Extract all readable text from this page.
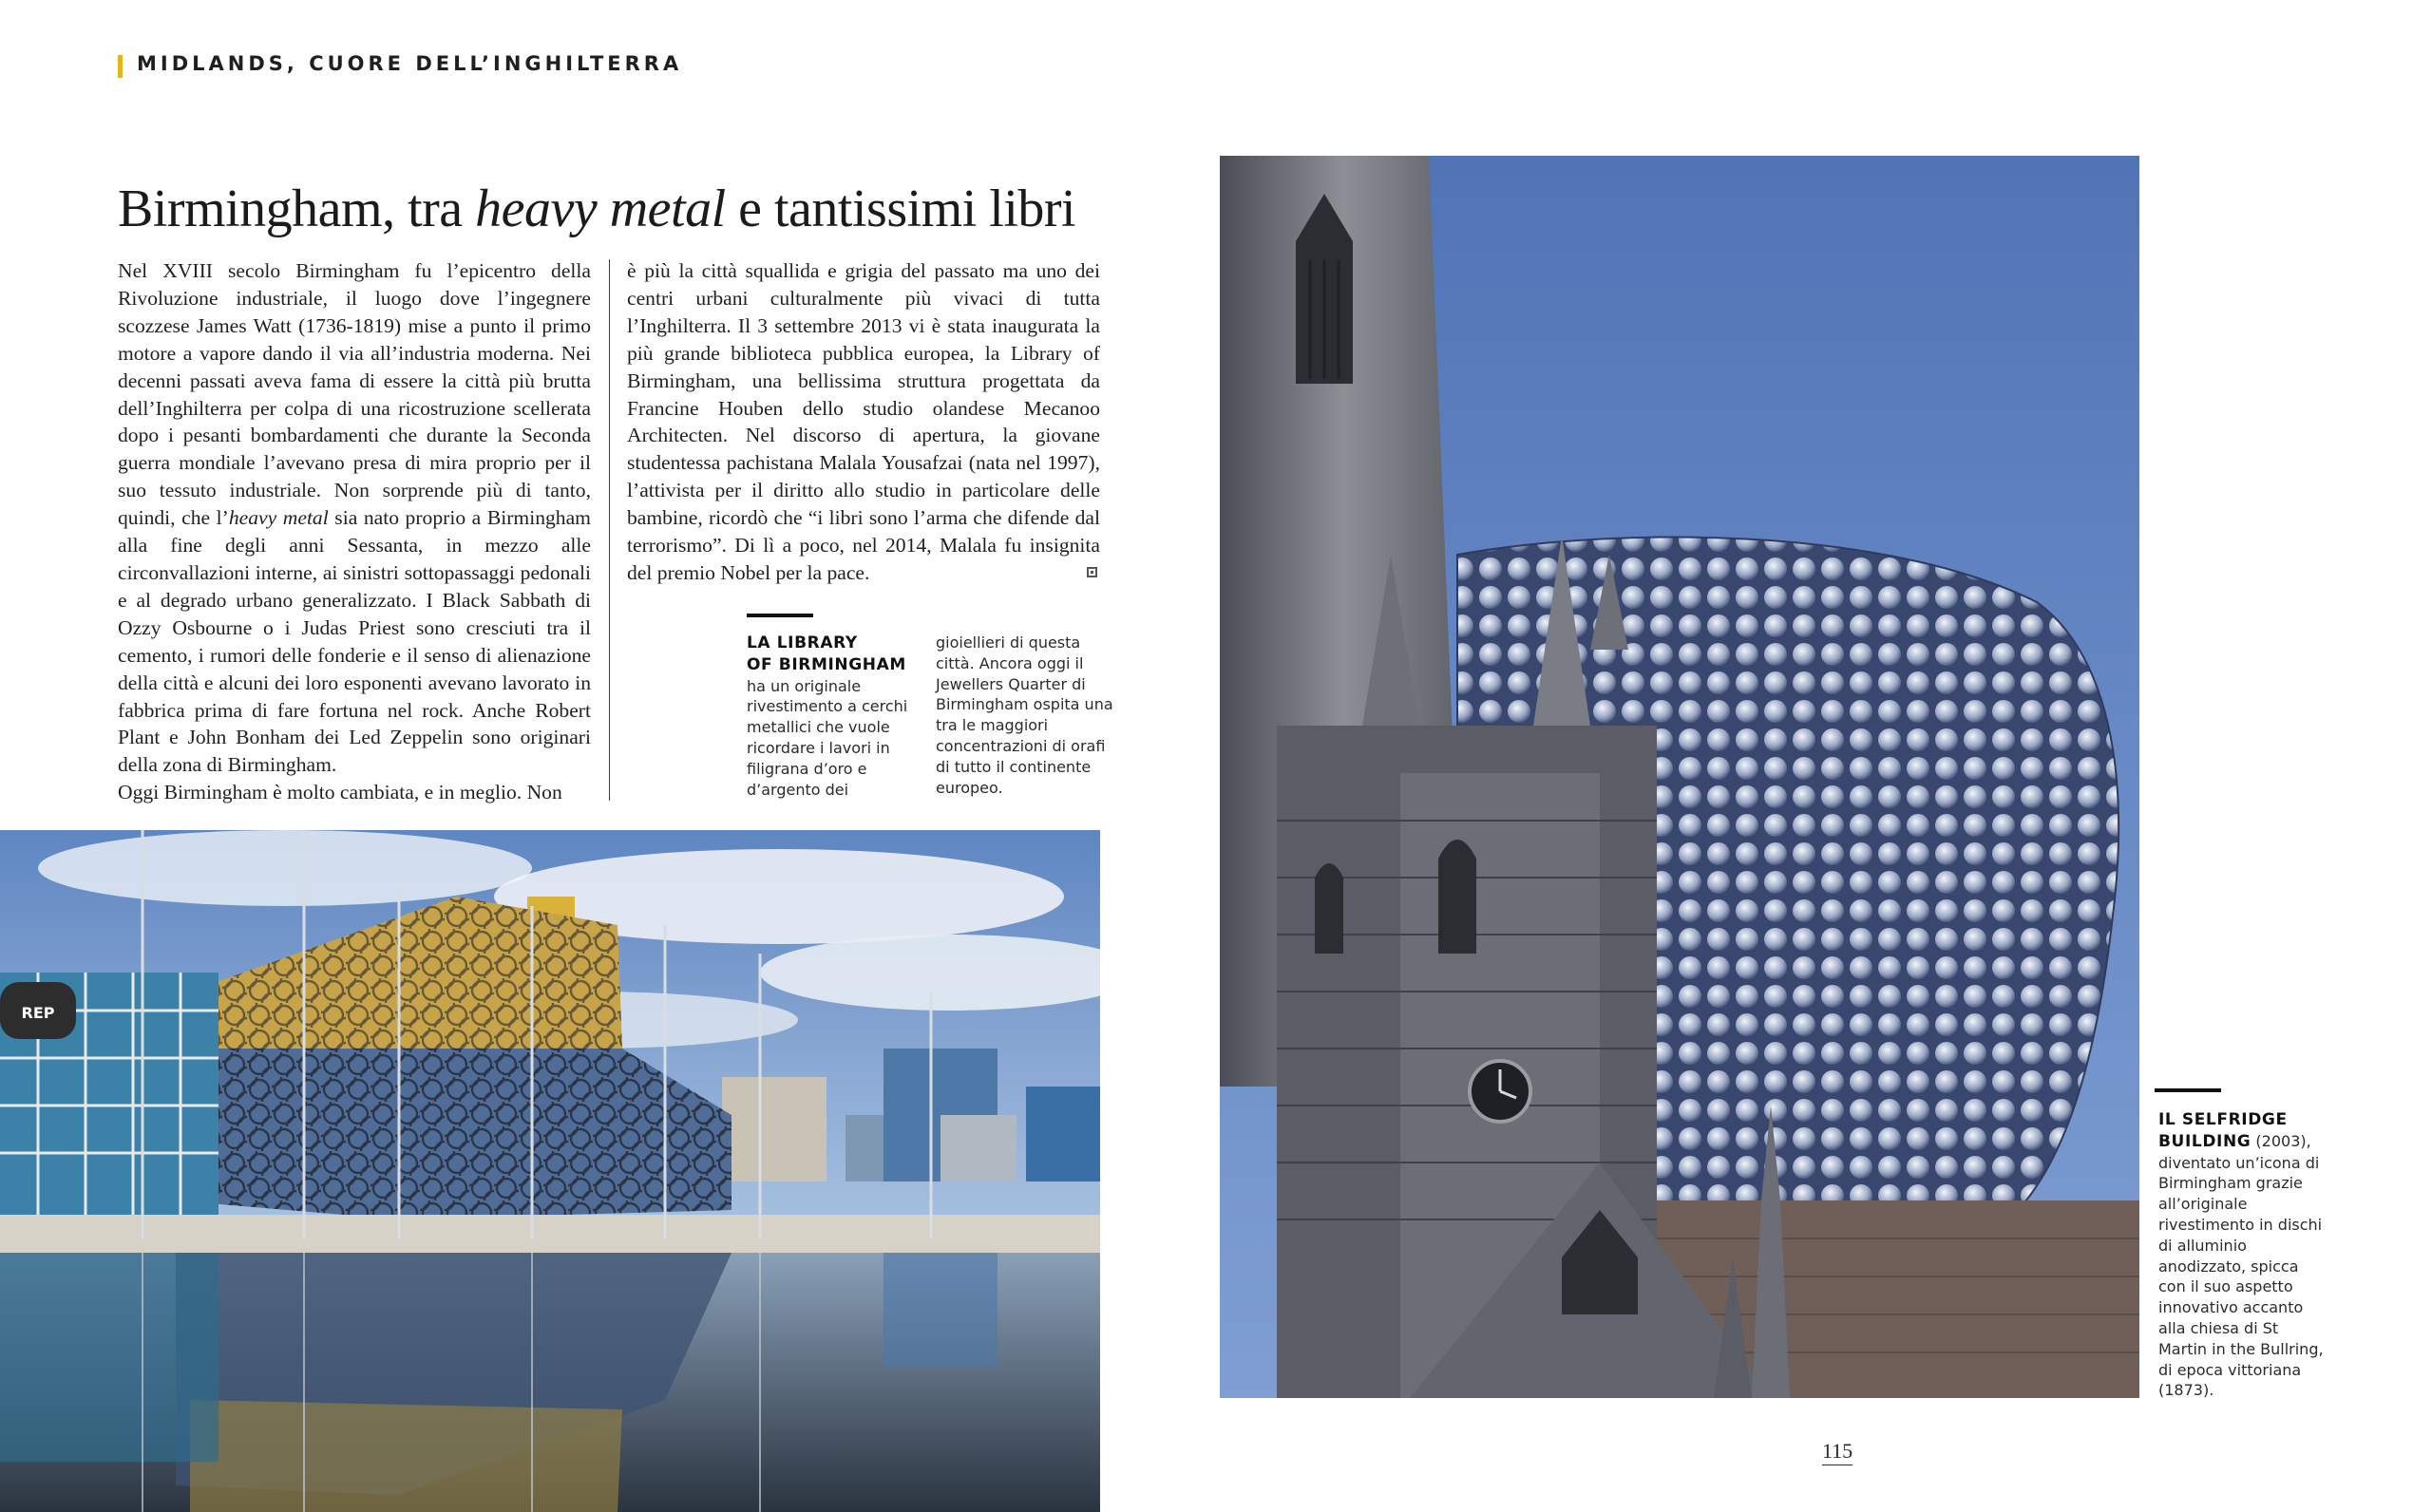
MIDLANDS, CUORE DELL’INGHILTERRA
Birmingham, tra heavy metal e tantissimi libri

Nel XVIII secolo Birmingham fu l’epicentro della Rivoluzione industriale, il luogo dove l’ingegnere scozzese James Watt (1736-1819) mise a punto il primo motore a vapore dando il via all’industria moderna. Nei decenni passati aveva fama di essere la città più brutta dell’Inghilterra per colpa di una ricostruzione scellerata dopo i pesanti bombardamenti che durante la Seconda guerra mondiale l’avevano presa di mira proprio per il suo tessuto industriale. Non sorprende più di tanto, quindi, che l’heavy metal sia nato proprio a Birmingham alla fine degli anni Sessanta, in mezzo alle circonvallazioni interne, ai sinistri sottopassaggi pedonali e al degrado urbano generalizzato. I Black Sabbath di Ozzy Osbourne o i Judas Priest sono cresciuti tra il cemento, i rumori delle fonderie e il senso di alienazione della città e alcuni dei loro esponenti avevano lavorato in fabbrica prima di fare fortuna nel rock. Anche Robert Plant e John Bonham dei Led Zeppelin sono originari della zona di Birmingham.

Oggi Birmingham è molto cambiata, e in meglio. Non

è più la città squallida e grigia del passato ma uno dei centri urbani culturalmente più vivaci di tutta l’Inghilterra. Il 3 settembre 2013 vi è stata inaugurata la più grande biblioteca pubblica europea, la Library of Birmingham, una bellissima struttura progettata da Francine Houben dello studio olandese Mecanoo Architecten. Nel discorso di apertura, la giovane studentessa pachistana Malala Yousafzai (nata nel 1997), l’attivista per il diritto allo studio in particolare delle bambine, ricordò che “i libri sono l’arma che difende dal terrorismo”. Di lì a poco, nel 2014, Malala fu insignita del premio Nobel per la pace.

LA LIBRARY
OF BIRMINGHAM
ha un originale rivestimento a cerchi metallici che vuole ricordare i lavori in filigrana d’oro e d’argento dei
gioiellieri di questa città. Ancora oggi il Jewellers Quarter di Birmingham ospita una tra le maggiori concentrazioni di orafi di tutto il continente europeo.
REP
IL SELFRIDGE
BUILDING (2003), diventato un’icona di Birmingham grazie all’originale rivestimento in dischi di alluminio anodizzato, spicca con il suo aspetto innovativo accanto alla chiesa di St Martin in the Bullring, di epoca vittoriana (1873).
115
